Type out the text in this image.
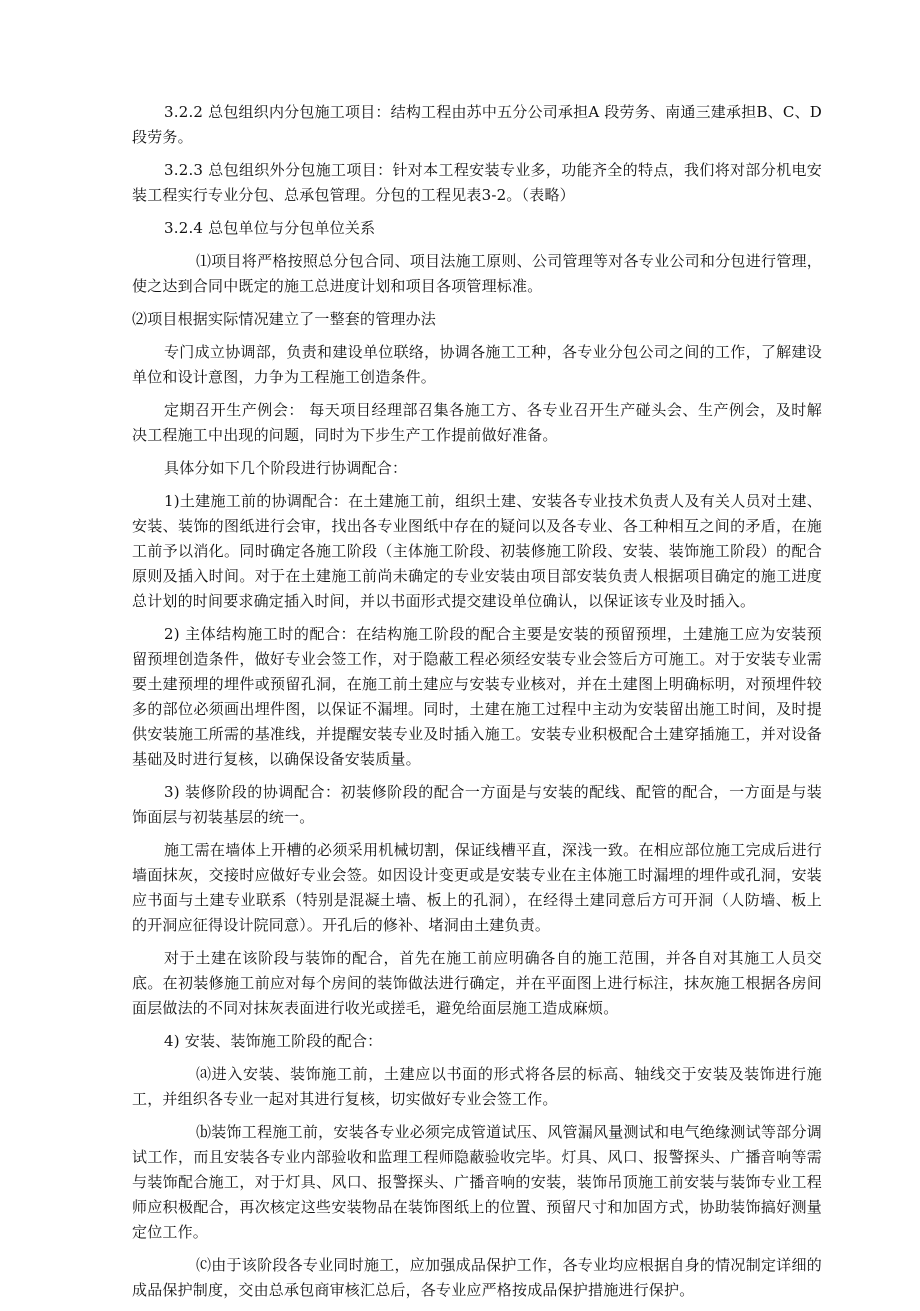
3.2.2 总包组织内分包施工项目：结构工程由苏中五分公司承担A 段劳务、南通三建承担B、C、D 段劳务。

3.2.3 总包组织外分包施工项目：针对本工程安装专业多，功能齐全的特点，我们将对部分机电安装工程实行专业分包、总承包管理。分包的工程见表3-2。（表略）

3.2.4 总包单位与分包单位关系

⑴项目将严格按照总分包合同、项目法施工原则、公司管理等对各专业公司和分包进行管理，使之达到合同中既定的施工总进度计划和项目各项管理标准。

⑵项目根据实际情况建立了一整套的管理办法

专门成立协调部，负责和建设单位联络，协调各施工工种，各专业分包公司之间的工作，了解建设单位和设计意图，力争为工程施工创造条件。

定期召开生产例会： 每天项目经理部召集各施工方、各专业召开生产碰头会、生产例会，及时解决工程施工中出现的问题，同时为下步生产工作提前做好准备。

具体分如下几个阶段进行协调配合：

1)土建施工前的协调配合：在土建施工前，组织土建、安装各专业技术负责人及有关人员对土建、安装、装饰的图纸进行会审，找出各专业图纸中存在的疑问以及各专业、各工种相互之间的矛盾，在施工前予以消化。同时确定各施工阶段（主体施工阶段、初装修施工阶段、安装、装饰施工阶段）的配合原则及插入时间。对于在土建施工前尚未确定的专业安装由项目部安装负责人根据项目确定的施工进度总计划的时间要求确定插入时间，并以书面形式提交建设单位确认，以保证该专业及时插入。

2) 主体结构施工时的配合：在结构施工阶段的配合主要是安装的预留预埋，土建施工应为安装预留预埋创造条件，做好专业会签工作，对于隐蔽工程必须经安装专业会签后方可施工。对于安装专业需要土建预埋的埋件或预留孔洞，在施工前土建应与安装专业核对，并在土建图上明确标明，对预埋件较多的部位必须画出埋件图，以保证不漏埋。同时，土建在施工过程中主动为安装留出施工时间，及时提供安装施工所需的基准线，并提醒安装专业及时插入施工。安装专业积极配合土建穿插施工，并对设备基础及时进行复核，以确保设备安装质量。

3) 装修阶段的协调配合：初装修阶段的配合一方面是与安装的配线、配管的配合，一方面是与装饰面层与初装基层的统一。

施工需在墙体上开槽的必须采用机械切割，保证线槽平直，深浅一致。在相应部位施工完成后进行墙面抹灰，交接时应做好专业会签。如因设计变更或是安装专业在主体施工时漏埋的埋件或孔洞，安装应书面与土建专业联系（特别是混凝土墙、板上的孔洞），在经得土建同意后方可开洞（人防墙、板上的开洞应征得设计院同意）。开孔后的修补、堵洞由土建负责。

对于土建在该阶段与装饰的配合，首先在施工前应明确各自的施工范围，并各自对其施工人员交底。在初装修施工前应对每个房间的装饰做法进行确定，并在平面图上进行标注，抹灰施工根据各房间面层做法的不同对抹灰表面进行收光或搓毛，避免给面层施工造成麻烦。

4) 安装、装饰施工阶段的配合：

⒜进入安装、装饰施工前，土建应以书面的形式将各层的标高、轴线交于安装及装饰进行施工，并组织各专业一起对其进行复核，切实做好专业会签工作。

⒝装饰工程施工前，安装各专业必须完成管道试压、风管漏风量测试和电气绝缘测试等部分调试工作，而且安装各专业内部验收和监理工程师隐蔽验收完毕。灯具、风口、报警探头、广播音响等需与装饰配合施工，对于灯具、风口、报警探头、广播音响的安装，装饰吊顶施工前安装与装饰专业工程师应积极配合，再次核定这些安装物品在装饰图纸上的位置、预留尺寸和加固方式，协助装饰搞好测量定位工作。

⒞由于该阶段各专业同时施工，应加强成品保护工作，各专业均应根据自身的情况制定详细的成品保护制度，交由总承包商审核汇总后，各专业应严格按成品保护措施进行保护。
